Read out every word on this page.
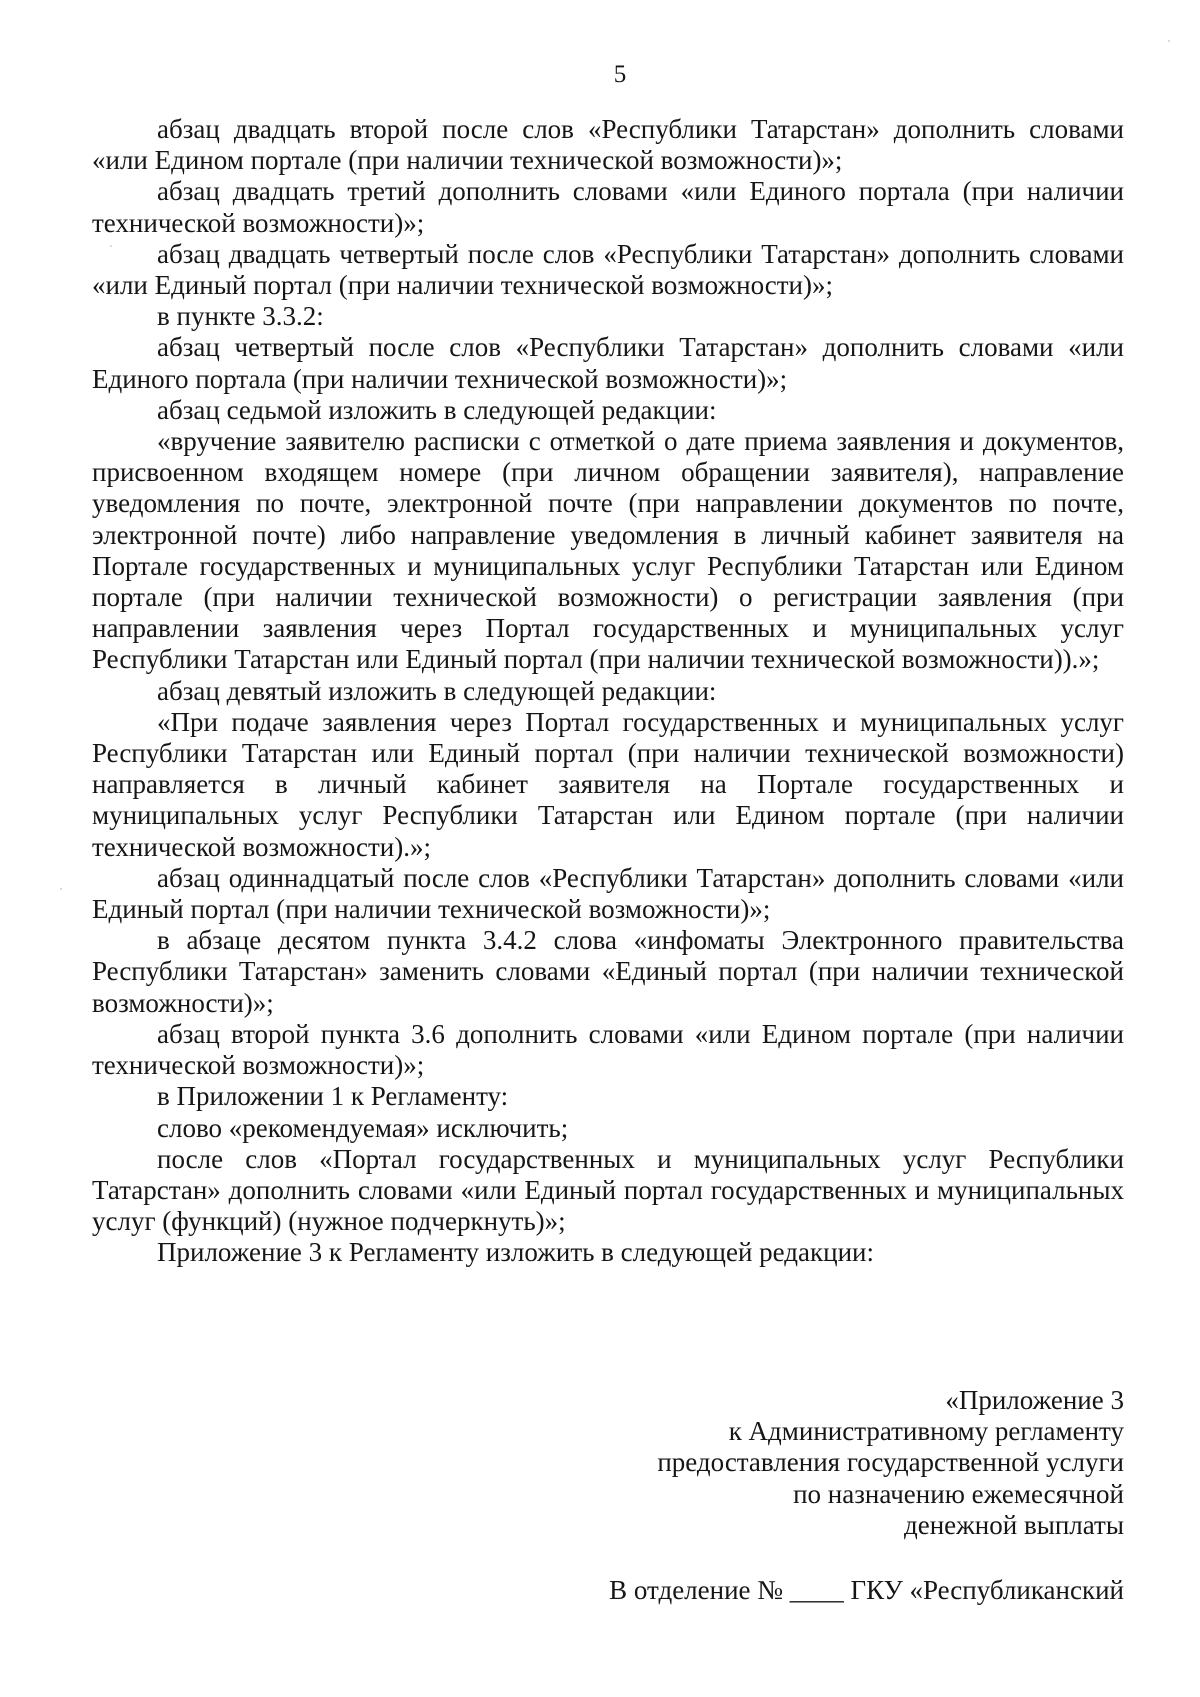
5

абзац двадцать второй после слов «Республики Татарстан» дополнить словами «или Едином портале (при наличии технической возможности)»;

абзац двадцать третий дополнить словами «или Единого портала (при наличии технической возможности)»;

абзац двадцать четвертый после слов «Республики Татарстан» дополнить словами «или Единый портал (при наличии технической возможности)»;

в пункте 3.3.2:

абзац четвертый после слов «Республики Татарстан» дополнить словами «или Единого портала (при наличии технической возможности)»;

абзац седьмой изложить в следующей редакции:

«вручение заявителю расписки с отметкой о дате приема заявления и документов, присвоенном входящем номере (при личном обращении заявителя), направление уведомления по почте, электронной почте (при направлении документов по почте, электронной почте) либо направление уведомления в личный кабинет заявителя на Портале государственных и муниципальных услуг Республики Татарстан или Едином портале (при наличии технической возможности) о регистрации заявления (при направлении заявления через Портал государственных и муниципальных услуг Республики Татарстан или Единый портал (при наличии технической возможности)).»;

абзац девятый изложить в следующей редакции:

«При подаче заявления через Портал государственных и муниципальных услуг Республики Татарстан или Единый портал (при наличии технической возможности) направляется в личный кабинет заявителя на Портале государственных и муниципальных услуг Республики Татарстан или Едином портале (при наличии технической возможности).»;

абзац одиннадцатый после слов «Республики Татарстан» дополнить словами «или Единый портал (при наличии технической возможности)»;

в абзаце десятом пункта 3.4.2 слова «инфоматы Электронного правительства Республики Татарстан» заменить словами «Единый портал (при наличии технической возможности)»;

абзац второй пункта 3.6 дополнить словами «или Едином портале (при наличии технической возможности)»;

в Приложении 1 к Регламенту:

слово «рекомендуемая» исключить;

после слов «Портал государственных и муниципальных услуг Республики Татарстан» дополнить словами «или Единый портал государственных и муниципальных услуг (функций) (нужное подчеркнуть)»;

Приложение 3 к Регламенту изложить в следующей редакции:

«Приложение 3

к Административному регламенту

предоставления государственной услуги

по назначению ежемесячной

денежной выплаты

В отделение № ____ ГКУ «Республиканский
